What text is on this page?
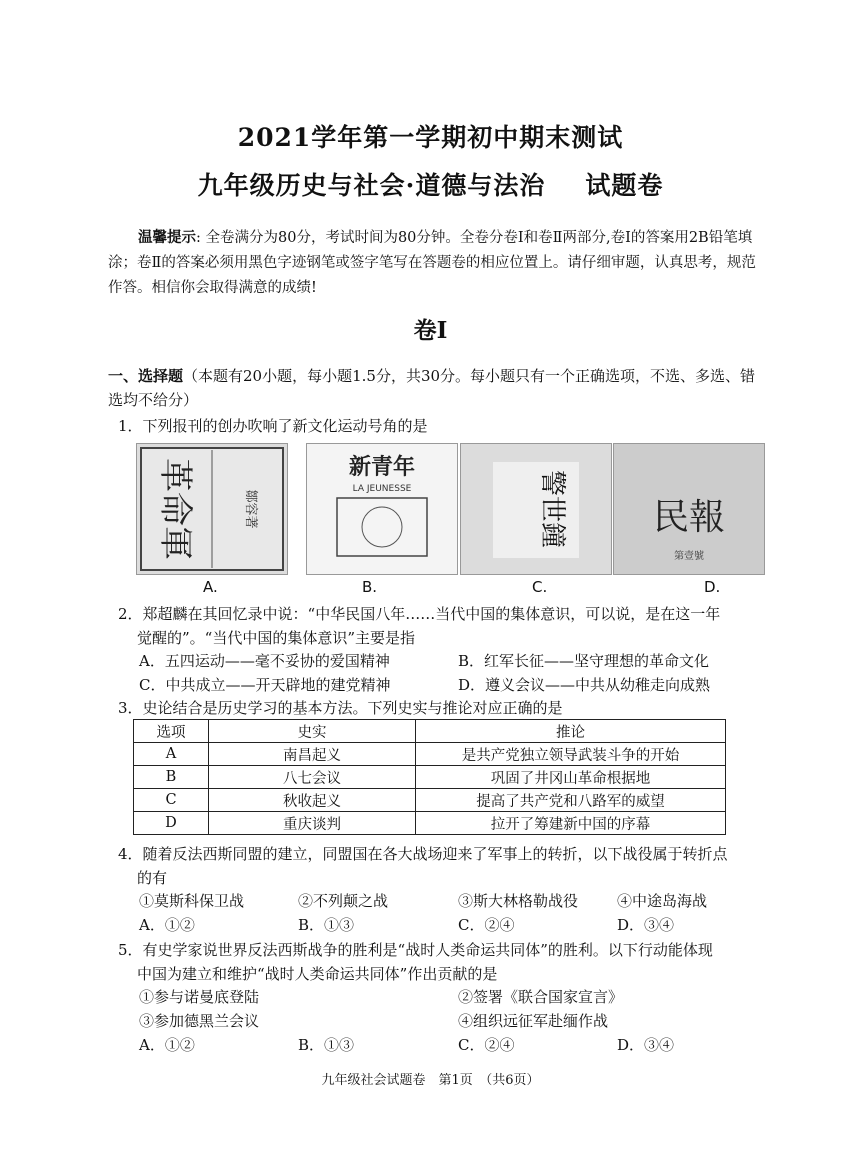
2021学年第一学期初中期末测试
九年级历史与社会·道德与法治 试题卷
温馨提示: 全卷满分为80分，考试时间为80分钟。全卷分卷Ⅰ和卷Ⅱ两部分,卷Ⅰ的答案用2B铅笔填涂；卷Ⅱ的答案必须用黑色字迹钢笔或签字笔写在答题卷的相应位置上。请仔细审题，认真思考，规范作答。相信你会取得满意的成绩!
卷Ⅰ
一、选择题（本题有20小题，每小题1.5分，共30分。每小题只有一个正确选项，不选、多选、错选均不给分）
1．下列报刊的创办吹响了新文化运动号角的是
革命軍	鄒容著
新青年
LA JEUNESSE	警世鐘 民報
第壹號
A.	B.	C.	D.
2．郑超麟在其回忆录中说：“中华民国八年……当代中国的集体意识，可以说，是在这一年
觉醒的”。“当代中国的集体意识”主要是指
A．五四运动——毫不妥协的爱国精神	B．红军长征——坚守理想的革命文化
C．中共成立——开天辟地的建党精神	D．遵义会议——中共从幼稚走向成熟
3．史论结合是历史学习的基本方法。下列史实与推论对应正确的是
选项	史实	推论
A	南昌起义	是共产党独立领导武装斗争的开始
B	八七会议	巩固了井冈山革命根据地
C	秋收起义	提高了共产党和八路军的威望
D	重庆谈判	拉开了筹建新中国的序幕
4．随着反法西斯同盟的建立，同盟国在各大战场迎来了军事上的转折，以下战役属于转折点
的有
①莫斯科保卫战	②不列颠之战	③斯大林格勒战役	④中途岛海战
A．①②	B．①③	C．②④	D．③④
5．有史学家说世界反法西斯战争的胜利是“战时人类命运共同体”的胜利。以下行动能体现
中国为建立和维护“战时人类命运共同体”作出贡献的是
①参与诺曼底登陆	②签署《联合国家宣言》
③参加德黑兰会议	④组织远征军赴缅作战
A．①②	B．①③	C．②④	D．③④
九年级社会试题卷　第1页　（共6页）
